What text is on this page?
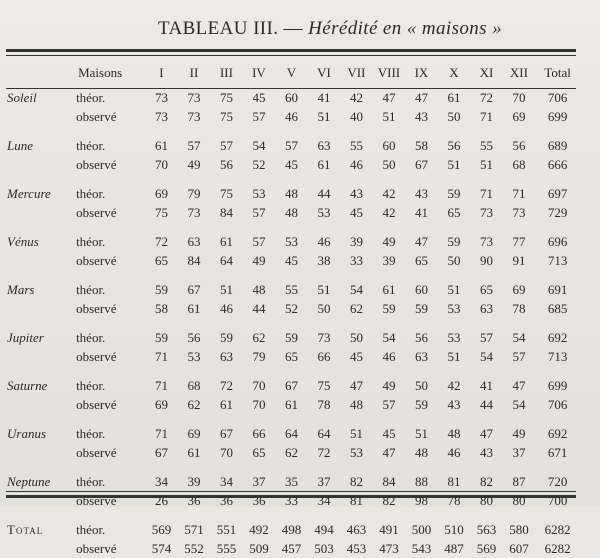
TABLEAU III. — Hérédité en « maisons »
	Maisons	I	II	III	IV	V	VI	VII	VIII	IX	X	XI	XII	Total
Soleil	théor.	73	73	75	45	60	41	42	47	47	61	72	70	706
	observé	73	73	75	57	46	51	40	51	43	50	71	69	699

Lune	théor.	61	57	57	54	57	63	55	60	58	56	55	56	689
	observé	70	49	56	52	45	61	46	50	67	51	51	68	666

Mercure	théor.	69	79	75	53	48	44	43	42	43	59	71	71	697
	observé	75	73	84	57	48	53	45	42	41	65	73	73	729

Vénus	théor.	72	63	61	57	53	46	39	49	47	59	73	77	696
	observé	65	84	64	49	45	38	33	39	65	50	90	91	713

Mars	théor.	59	67	51	48	55	51	54	61	60	51	65	69	691
	observé	58	61	46	44	52	50	62	59	59	53	63	78	685

Jupiter	théor.	59	56	59	62	59	73	50	54	56	53	57	54	692
	observé	71	53	63	79	65	66	45	46	63	51	54	57	713

Saturne	théor.	71	68	72	70	67	75	47	49	50	42	41	47	699
	observé	69	62	61	70	61	78	48	57	59	43	44	54	706

Uranus	théor.	71	69	67	66	64	64	51	45	51	48	47	49	692
	observé	67	61	70	65	62	72	53	47	48	46	43	37	671

Neptune	théor.	34	39	34	37	35	37	82	84	88	81	82	87	720
	observé	26	36	36	36	33	34	81	82	98	78	80	80	700

Total	théor.	569	571	551	492	498	494	463	491	500	510	563	580	6282
	observé	574	552	555	509	457	503	453	473	543	487	569	607	6282
